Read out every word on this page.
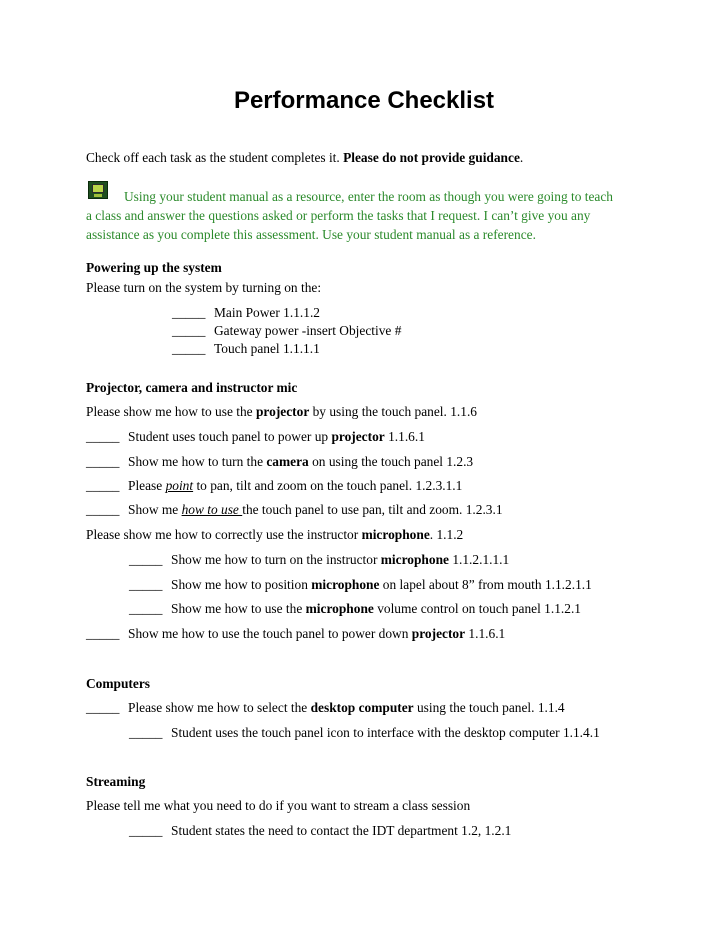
Performance Checklist
Check off each task as the student completes it. Please do not provide guidance.
Using your student manual as a resource, enter the room as though you were going to teach
a class and answer the questions asked or perform the tasks that I request. I can’t give you any
assistance as you complete this assessment. Use your student manual as a reference.
Powering up the system
Please turn on the system by turning on the:
_____ Main Power 1.1.1.2
_____ Gateway power -insert Objective #
_____ Touch panel 1.1.1.1
Projector, camera and instructor mic
Please show me how to use the projector by using the touch panel. 1.1.6
_____ Student uses touch panel to power up projector 1.1.6.1
_____ Show me how to turn the camera on using the touch panel 1.2.3
_____ Please point to pan, tilt and zoom on the touch panel. 1.2.3.1.1
_____ Show me how to use the touch panel to use pan, tilt and zoom. 1.2.3.1
Please show me how to correctly use the instructor microphone. 1.1.2
_____ Show me how to turn on the instructor microphone 1.1.2.1.1.1
_____ Show me how to position microphone on lapel about 8” from mouth 1.1.2.1.1
_____ Show me how to use the microphone volume control on touch panel 1.1.2.1
_____ Show me how to use the touch panel to power down projector 1.1.6.1
Computers
_____ Please show me how to select the desktop computer using the touch panel. 1.1.4
_____ Student uses the touch panel icon to interface with the desktop computer 1.1.4.1
Streaming
Please tell me what you need to do if you want to stream a class session
_____ Student states the need to contact the IDT department 1.2, 1.2.1
